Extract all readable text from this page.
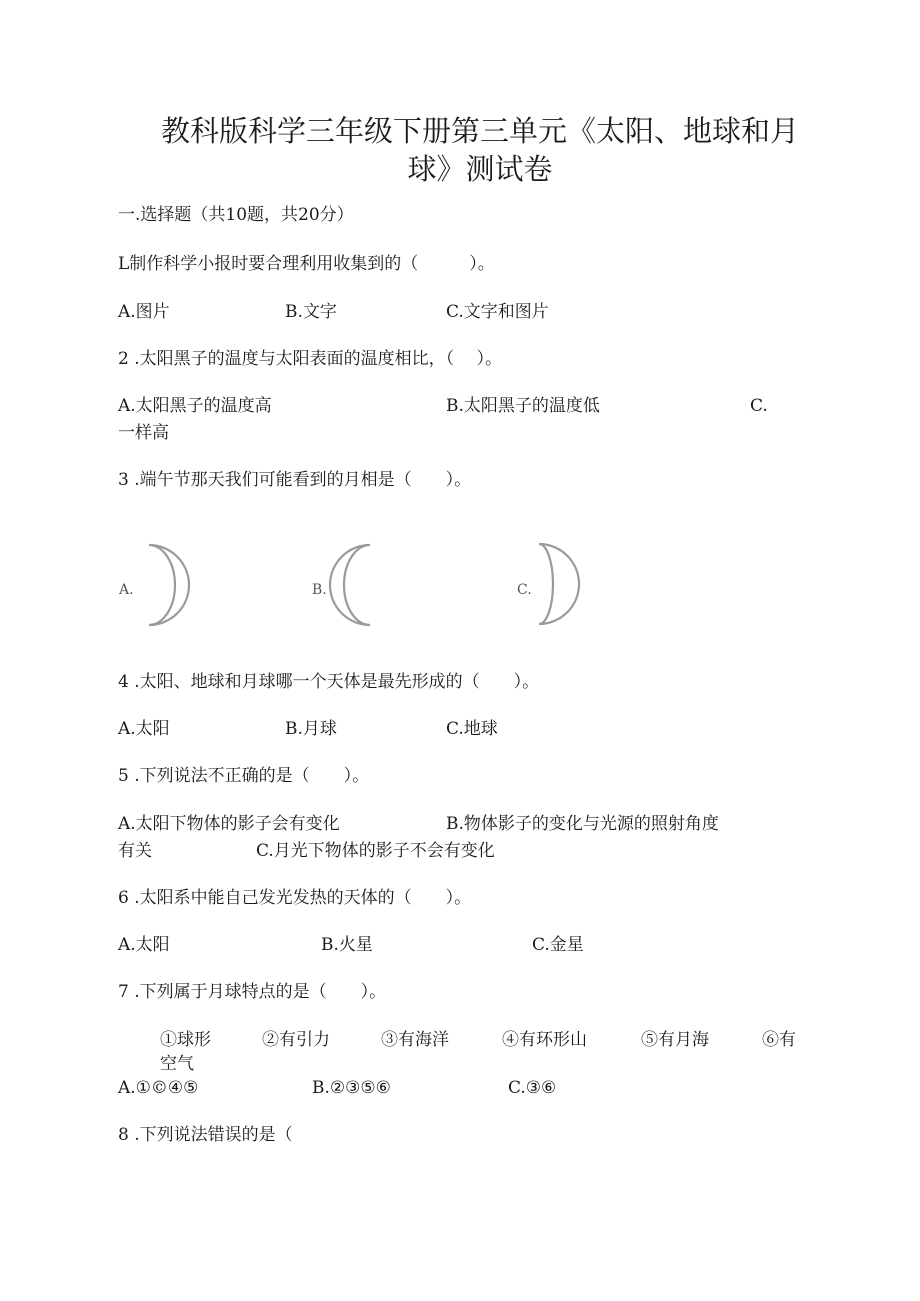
教科版科学三年级下册第三单元《太阳、地球和月球》测试卷
一.选择题（共10题，共20分）
L制作科学小报时要合理利用收集到的（　　　）。
A.图片	B.文字	C.文字和图片
2 .太阳黑子的温度与太阳表面的温度相比，（　 ）。
A.太阳黑子的温度高	B.太阳黑子的温度低	C.
一样高
3 .端午节那天我们可能看到的月相是（　　）。
A.	B.	C.
4 .太阳、地球和月球哪一个天体是最先形成的（　　）。
A.太阳	B.月球	C.地球
5 .下列说法不正确的是（　　）。
A.太阳下物体的影子会有变化	B.物体影子的变化与光源的照射角度
有关	C.月光下物体的影子不会有变化
6 .太阳系中能自己发光发热的天体的（　　）。
A.太阳	B.火星	C.金星
7 .下列属于月球特点的是（　　）。
①球形	②有引力	③有海洋	④有环形山	⑤有月海	⑥有
空气
A.①©④⑤	B.②③⑤⑥	C.③⑥
8 .下列说法错误的是（
